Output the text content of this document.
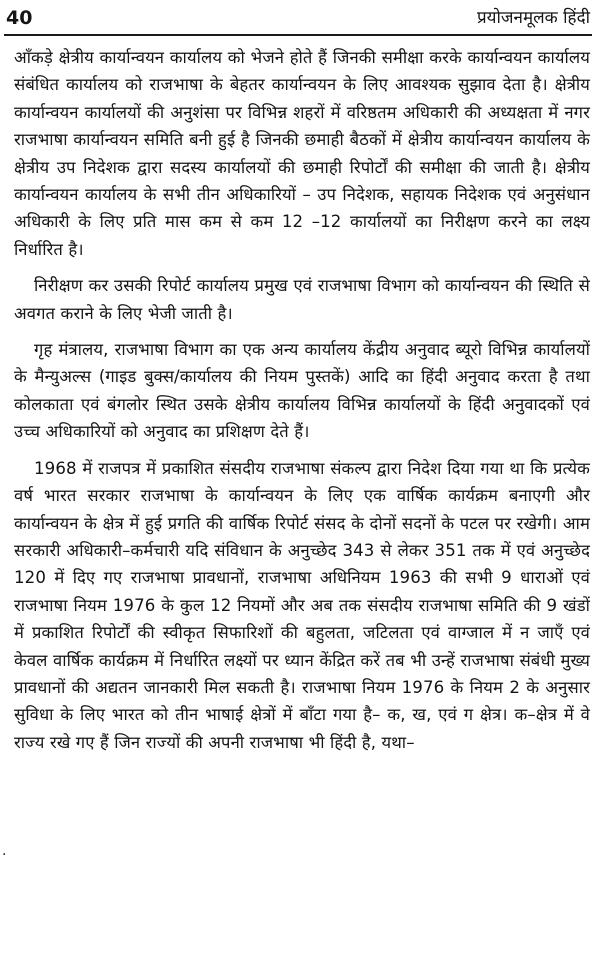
40	प्रयोजनमूलक हिंदी

आँकड़े क्षेत्रीय कार्यान्वयन कार्यालय को भेजने होते हैं जिनकी समीक्षा करके कार्यान्वयन कार्यालय संबंधित कार्यालय को राजभाषा के बेहतर कार्यान्वयन के लिए आवश्यक सुझाव देता है। क्षेत्रीय कार्यान्वयन कार्यालयों की अनुशंसा पर विभिन्न शहरों में वरिष्ठतम अधिकारी की अध्यक्षता में नगर राजभाषा कार्यान्वयन समिति बनी हुई है जिनकी छमाही बैठकों में क्षेत्रीय कार्यान्वयन कार्यालय के क्षेत्रीय उप निदेशक द्वारा सदस्य कार्यालयों की छमाही रिपोर्टों की समीक्षा की जाती है। क्षेत्रीय कार्यान्वयन कार्यालय के सभी तीन अधिकारियों – उप निदेशक, सहायक निदेशक एवं अनुसंधान अधिकारी के लिए प्रति मास कम से कम 12 –12 कार्यालयों का निरीक्षण करने का लक्ष्य निर्धारित है।

निरीक्षण कर उसकी रिपोर्ट कार्यालय प्रमुख एवं राजभाषा विभाग को कार्यान्वयन की स्थिति से अवगत कराने के लिए भेजी जाती है।

गृह मंत्रालय, राजभाषा विभाग का एक अन्य कार्यालय केंद्रीय अनुवाद ब्यूरो विभिन्न कार्यालयों के मैन्युअल्स (गाइड बुक्स/कार्यालय की नियम पुस्तकें) आदि का हिंदी अनुवाद करता है तथा कोलकाता एवं बंगलोर स्थित उसके क्षेत्रीय कार्यालय विभिन्न कार्यालयों के हिंदी अनुवादकों एवं उच्च अधिकारियों को अनुवाद का प्रशिक्षण देते हैं।

1968 में राजपत्र में प्रकाशित संसदीय राजभाषा संकल्प द्वारा निदेश दिया गया था कि प्रत्येक वर्ष भारत सरकार राजभाषा के कार्यान्वयन के लिए एक वार्षिक कार्यक्रम बनाएगी और कार्यान्वयन के क्षेत्र में हुई प्रगति की वार्षिक रिपोर्ट संसद के दोनों सदनों के पटल पर रखेगी। आम सरकारी अधिकारी–कर्मचारी यदि संविधान के अनुच्छेद 343 से लेकर 351 तक में एवं अनुच्छेद 120 में दिए गए राजभाषा प्रावधानों, राजभाषा अधिनियम 1963 की सभी 9 धाराओं एवं राजभाषा नियम 1976 के कुल 12 नियमों और अब तक संसदीय राजभाषा समिति की 9 खंडों में प्रकाशित रिपोर्टों की स्वीकृत सिफारिशों की बहुलता, जटिलता एवं वाग्जाल में न जाएँ एवं केवल वार्षिक कार्यक्रम में निर्धारित लक्ष्यों पर ध्यान केंद्रित करें तब भी उन्हें राजभाषा संबंधी मुख्य प्रावधानों की अद्यतन जानकारी मिल सकती है। राजभाषा नियम 1976 के नियम 2 के अनुसार सुविधा के लिए भारत को तीन भाषाई क्षेत्रों में बाँटा गया है– क, ख, एवं ग क्षेत्र। क–क्षेत्र में वे राज्य रखे गए हैं जिन राज्यों की अपनी राजभाषा भी हिंदी है, यथा–

·
